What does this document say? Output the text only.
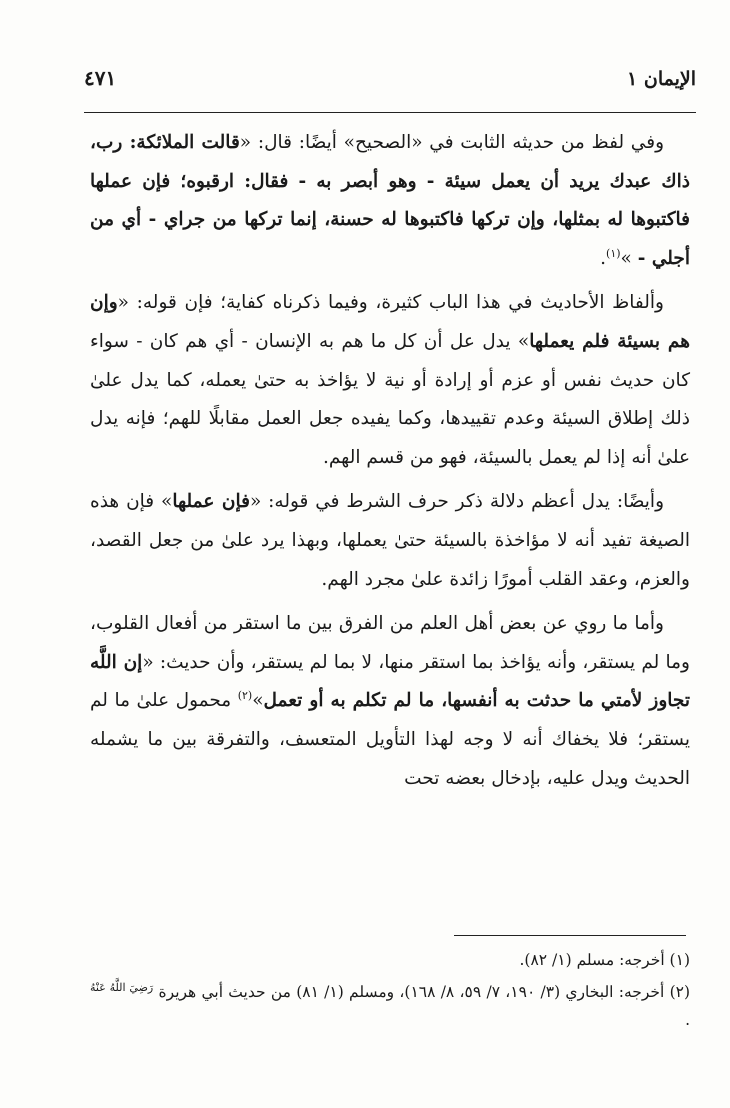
الإيمان ١
٤٧١

وفي لفظ من حديثه الثابت في «الصحيح» أيضًا: قال: «قالت الملائكة: رب، ذاك عبدك يريد أن يعمل سيئة - وهو أبصر به - فقال: ارقبوه؛ فإن عملها فاكتبوها له بمثلها، وإن تركها فاكتبوها له حسنة، إنما تركها من جراي - أي من أجلي - »$^{(١)}$.

وألفاظ الأحاديث في هذا الباب كثيرة، وفيما ذكرناه كفاية؛ فإن قوله: «وإن هم بسيئة فلم يعملها» يدل عل أن كل ما هم به الإنسان - أي هم كان - سواء كان حديث نفس أو عزم أو إرادة أو نية لا يؤاخذ به حتىٰ يعمله، كما يدل علىٰ ذلك إطلاق السيئة وعدم تقييدها، وكما يفيده جعل العمل مقابلًا للهم؛ فإنه يدل علىٰ أنه إذا لم يعمل بالسيئة، فهو من قسم الهم.

وأيضًا: يدل أعظم دلالة ذكر حرف الشرط في قوله: «فإن عملها» فإن هذه الصيغة تفيد أنه لا مؤاخذة بالسيئة حتىٰ يعملها، وبهذا يرد علىٰ من جعل القصد، والعزم، وعقد القلب أمورًا زائدة علىٰ مجرد الهم.

وأما ما روي عن بعض أهل العلم من الفرق بين ما استقر من أفعال القلوب، وما لم يستقر، وأنه يؤاخذ بما استقر منها، لا بما لم يستقر، وأن حديث: «إن اللَّه تجاوز لأمتي ما حدثت به أنفسها، ما لم تكلم به أو تعمل»$^{(٢)}$ محمول علىٰ ما لم يستقر؛ فلا يخفاك أنه لا وجه لهذا التأويل المتعسف، والتفرقة بين ما يشمله الحديث ويدل عليه، بإدخال بعضه تحت

(١) أخرجه: مسلم (١/ ٨٢).
(٢) أخرجه: البخاري (٣/ ١٩٠، ٧/ ٥٩، ٨/ ١٦٨)، ومسلم (١/ ٨١) من حديث أبي هريرة $^{رَضِيَ اللَّهُ عَنْهُ}$ .
